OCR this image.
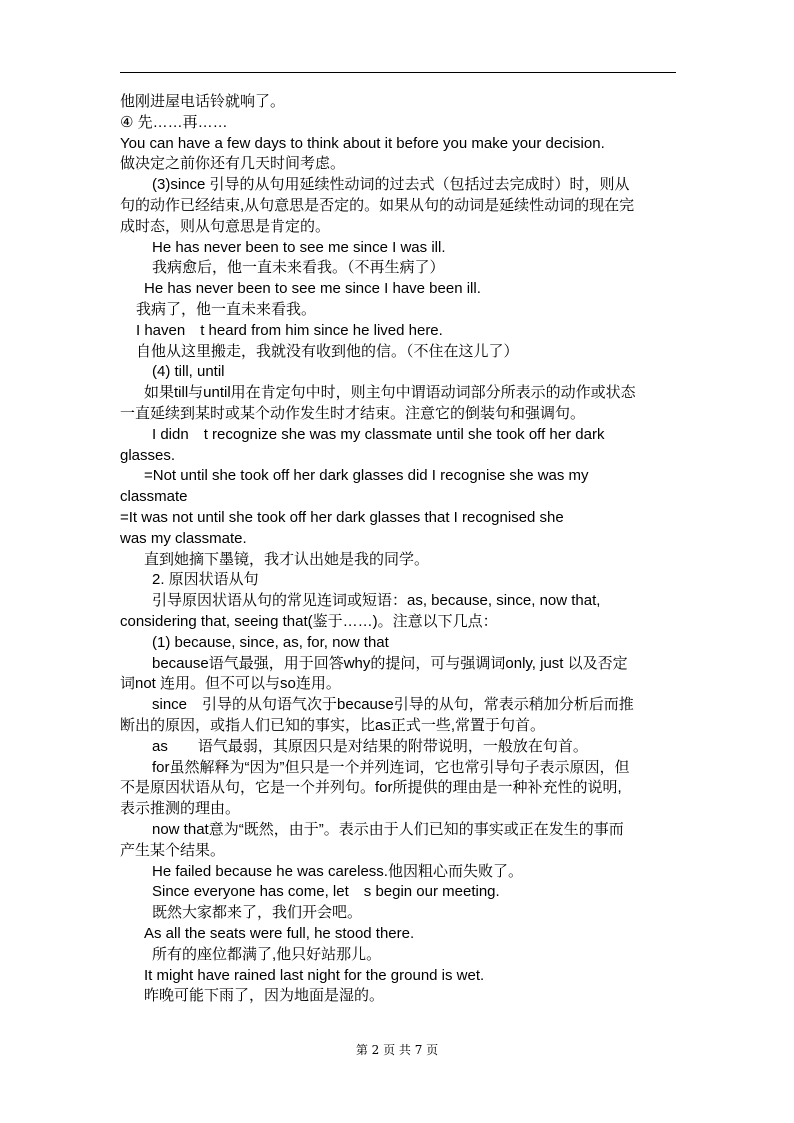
他刚进屋电话铃就响了。
④ 先……再……
You can have a few days to think about it before you make your decision.
做决定之前你还有几天时间考虑。
(3)since 引导的从句用延续性动词的过去式（包括过去完成时）时，则从
句的动作已经结束,从句意思是否定的。如果从句的动词是延续性动词的现在完
成时态，则从句意思是肯定的。
He has never been to see me since I was ill.
我病愈后，他一直未来看我。（不再生病了）
He has never been to see me since I have been ill.
我病了，他一直未来看我。
I haven　t heard from him since he lived here.
自他从这里搬走，我就没有收到他的信。（不住在这儿了）
(4) till, until
如果till与until用在肯定句中时，则主句中谓语动词部分所表示的动作或状态
一直延续到某时或某个动作发生时才结束。注意它的倒装句和强调句。
I didn　t recognize she was my classmate until she took off her dark
glasses.
=Not until she took off her dark glasses did I recognise she was my
classmate
=It was not until she took off her dark glasses that I recognised she
was my classmate.
直到她摘下墨镜，我才认出她是我的同学。
2. 原因状语从句
引导原因状语从句的常见连词或短语：as, because, since, now that,
considering that, seeing that(鉴于……)。注意以下几点：
(1) because, since, as, for, now that
because语气最强，用于回答why的提问，可与强调词only, just 以及否定
词not 连用。但不可以与so连用。
since　引导的从句语气次于because引导的从句，常表示稍加分析后而推
断出的原因，或指人们已知的事实，比as正式一些,常置于句首。
as　　语气最弱，其原因只是对结果的附带说明，一般放在句首。
for虽然解释为“因为”但只是一个并列连词，它也常引导句子表示原因，但
不是原因状语从句，它是一个并列句。for所提供的理由是一种补充性的说明,
表示推测的理由。
now that意为“既然，由于”。表示由于人们已知的事实或正在发生的事而
产生某个结果。
He failed because he was careless.他因粗心而失败了。
Since everyone has come, let　s begin our meeting.
既然大家都来了，我们开会吧。
As all the seats were full, he stood there.
所有的座位都满了,他只好站那儿。
It might have rained last night for the ground is wet.
昨晚可能下雨了，因为地面是湿的。
第 2 页 共 7 页
